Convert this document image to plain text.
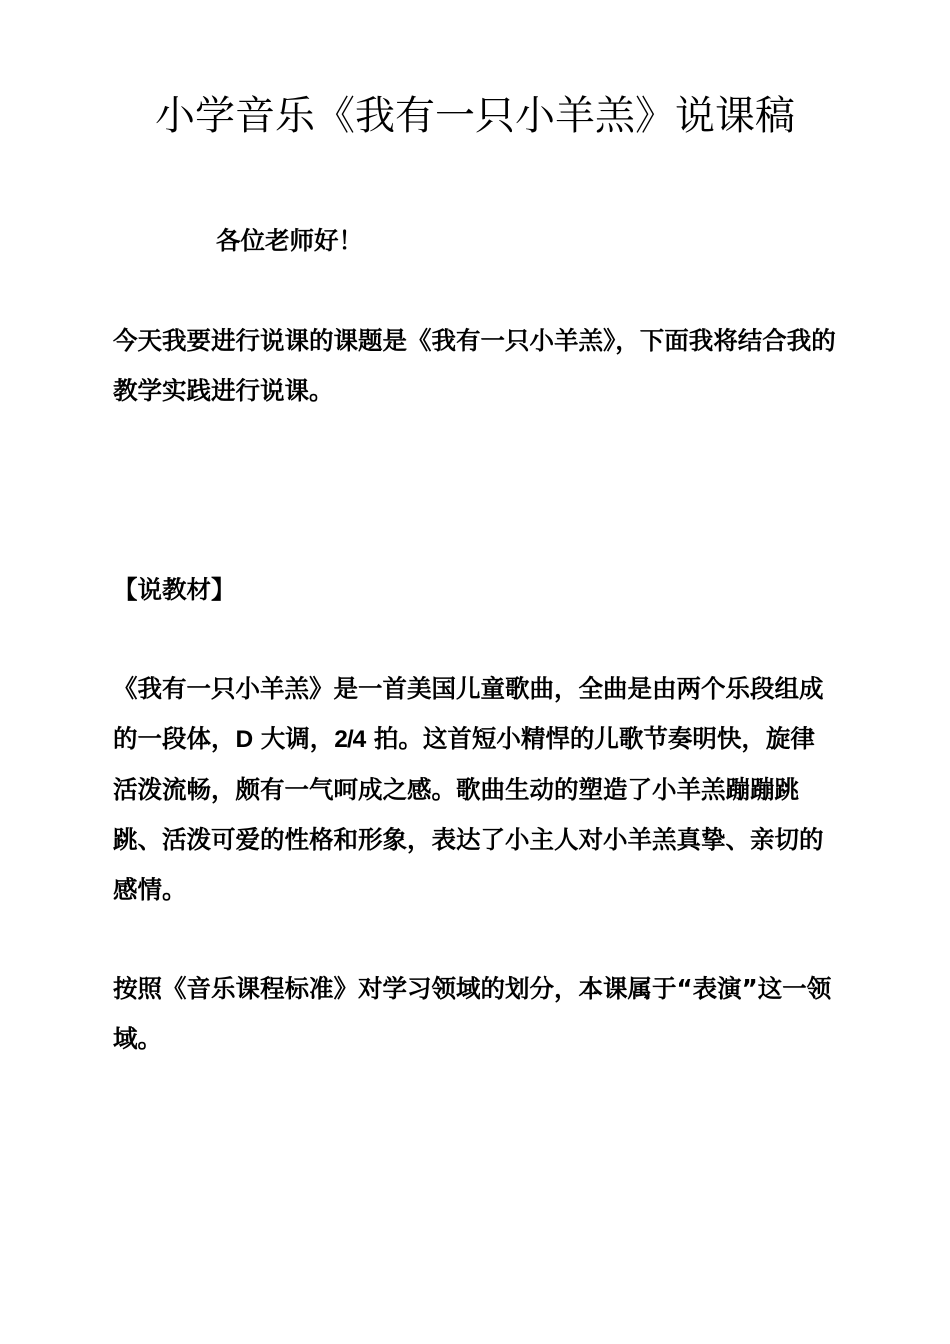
小学音乐《我有一只小羊羔》说课稿

各位老师好！

今天我要进行说课的课题是《我有一只小羊羔》，下面我将结合我的教学实践进行说课。

【说教材】

《我有一只小羊羔》是一首美国儿童歌曲，全曲是由两个乐段组成的一段体，D 大调，2/4 拍。这首短小精悍的儿歌节奏明快，旋律活泼流畅，颇有一气呵成之感。歌曲生动的塑造了小羊羔蹦蹦跳跳、活泼可爱的性格和形象，表达了小主人对小羊羔真挚、亲切的感情。

按照《音乐课程标准》对学习领域的划分，本课属于“表演”这一领域。
